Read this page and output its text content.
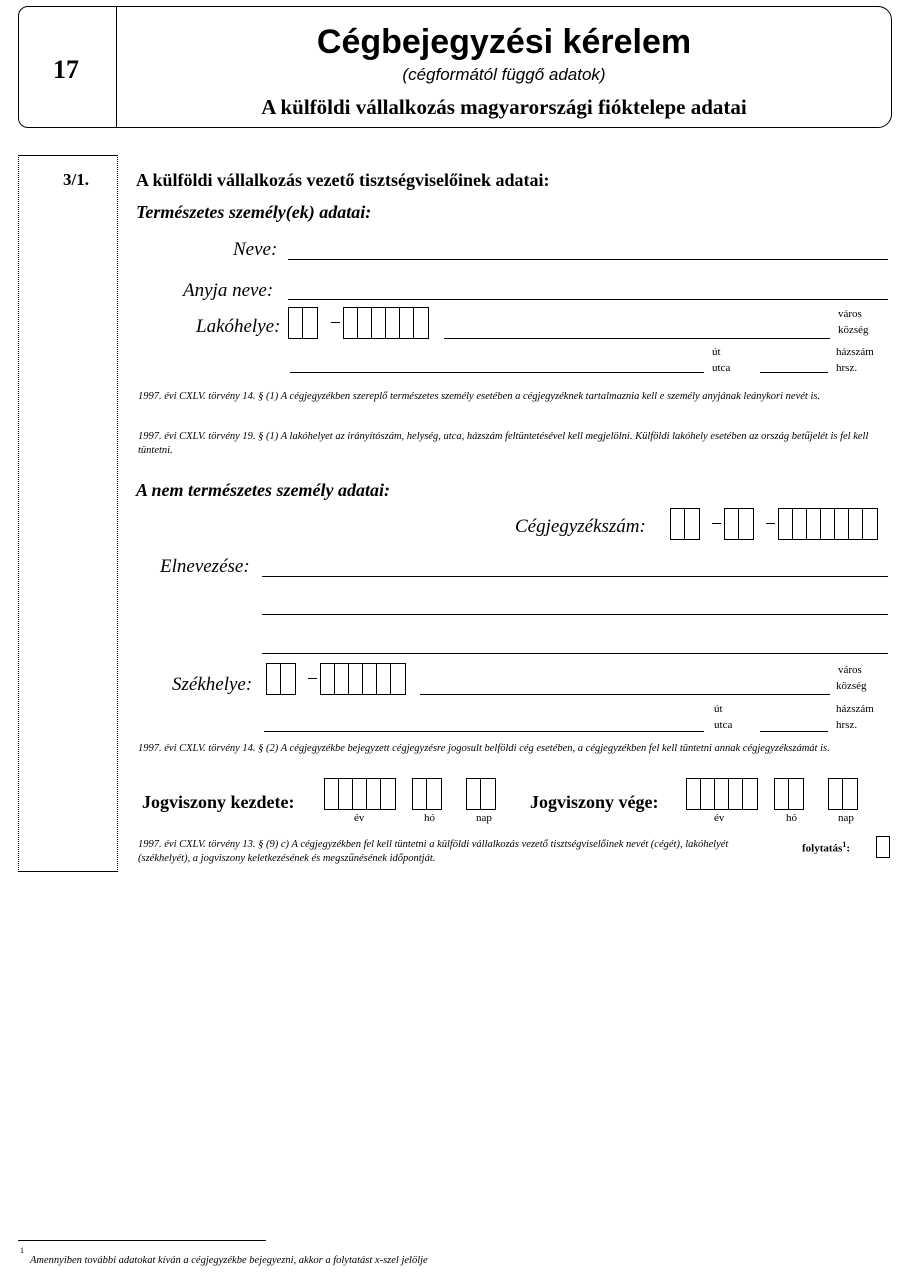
17
Cégbejegyzési kérelem
(cégformától függő adatok)
A külföldi vállalkozás magyarországi fióktelepe adatai
3/1.	A külföldi vállalkozás vezető tisztségviselőinek adatai:
Természetes személy(ek) adatai:
Neve:
Anyja neve:
Lakóhelye:
város
község
út
utca
házszám
hrsz.
1997. évi CXLV. törvény 14. § (1) A cégjegyzékben szereplő természetes személy esetében a cégjegyzéknek tartalmaznia kell e személy anyjának leánykori nevét is.
1997. évi CXLV. törvény 19. § (1) A lakóhelyet az irányítószám, helység, utca, házszám feltüntetésével kell megjelölni. Külföldi lakóhely esetében az ország betűjelét is fel kell tüntetni.
A nem természetes személy adatai:
Cégjegyzékszám:
Elnevezése:
Székhelye:
város
község
út
utca
házszám
hrsz.
1997. évi CXLV. törvény 14. § (2) A cégjegyzékbe bejegyzett cégjegyzésre jogosult belföldi cég esetében, a cégjegyzékben fel kell tüntetni annak cégjegyzékszámát is.
Jogviszony kezdete:
év	hó	nap
Jogviszony vége:
év	hó	nap
1997. évi CXLV. törvény 13. § (9) c) A cégjegyzékben fel kell tüntetni a külföldi vállalkozás vezető tisztségviselőinek nevét (cégét), lakóhelyét (székhelyét), a jogviszony keletkezésének és megszűnésének időpontját.
folytatás$^1$:
1
Amennyiben további adatokat kíván a cégjegyzékbe bejegyezni, akkor a folytatást x-szel jelölje
